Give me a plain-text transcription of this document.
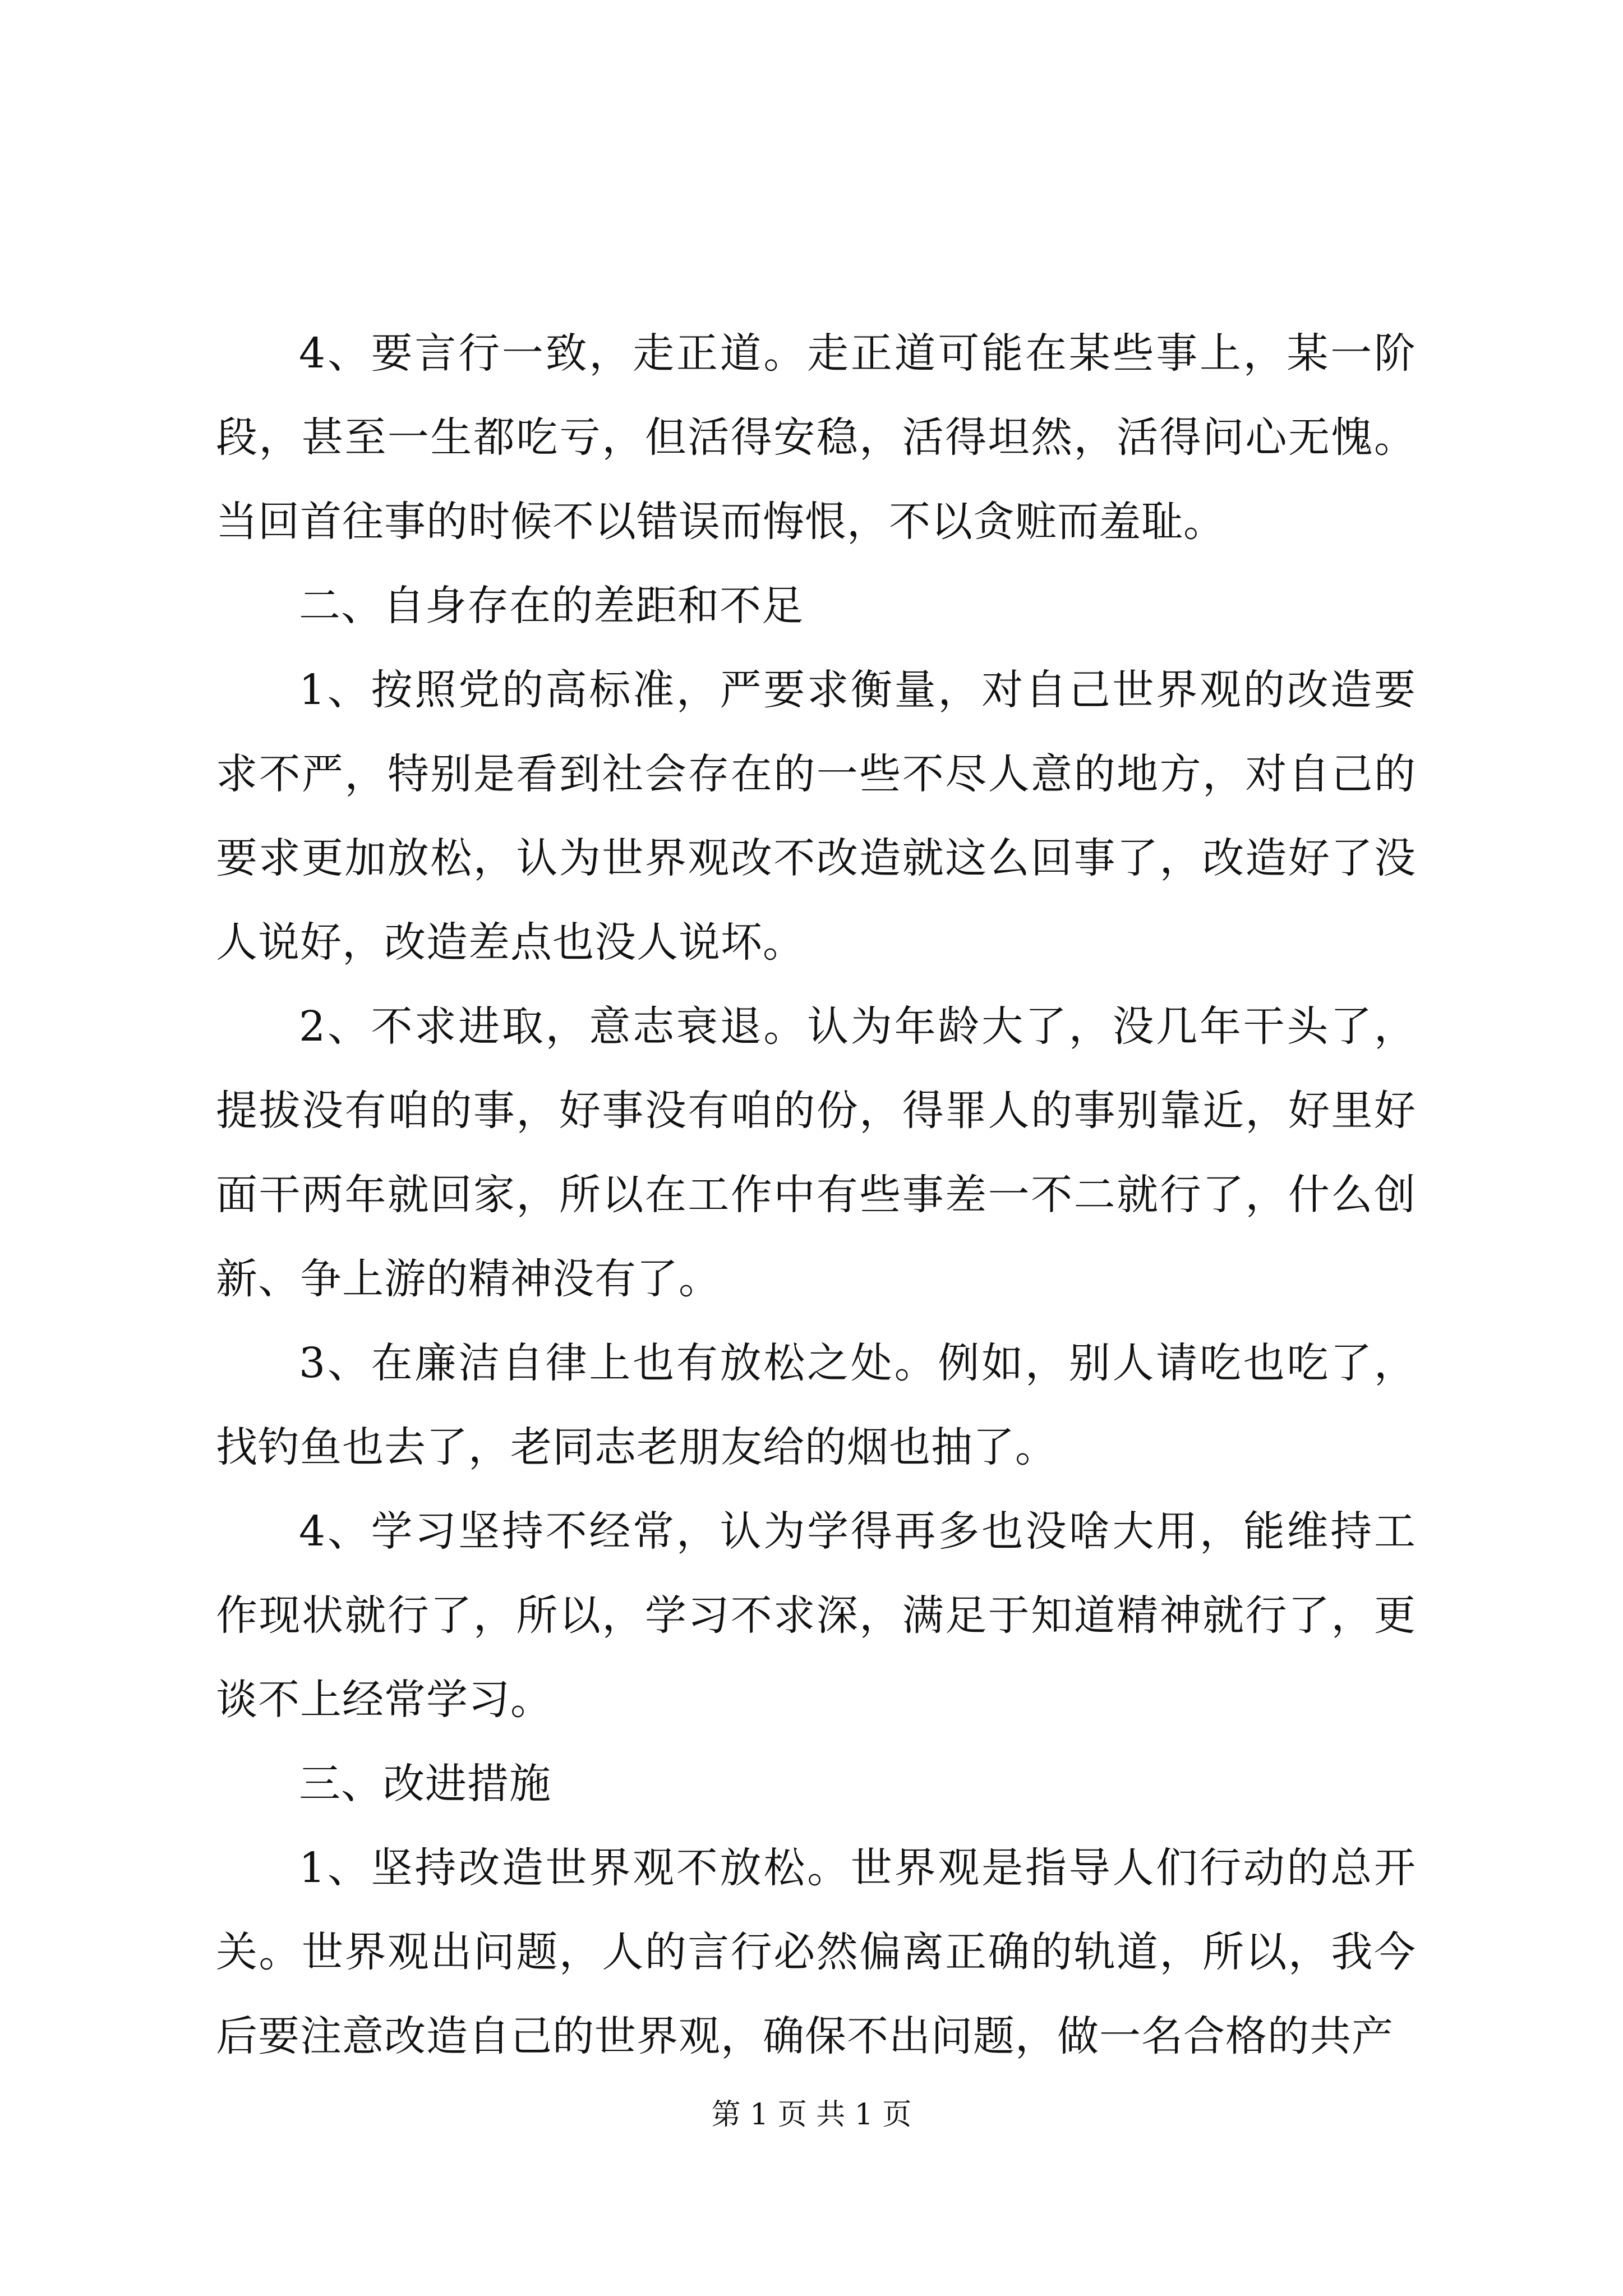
4、要言行一致，走正道。走正道可能在某些事上，某一阶段，甚至一生都吃亏，但活得安稳，活得坦然，活得问心无愧。当回首往事的时候不以错误而悔恨，不以贪赃而羞耻。

二、自身存在的差距和不足

1、按照党的高标准，严要求衡量，对自己世界观的改造要求不严，特别是看到社会存在的一些不尽人意的地方，对自己的要求更加放松，认为世界观改不改造就这么回事了，改造好了没人说好，改造差点也没人说坏。

2、不求进取，意志衰退。认为年龄大了，没几年干头了，提拔没有咱的事，好事没有咱的份，得罪人的事别靠近，好里好面干两年就回家，所以在工作中有些事差一不二就行了，什么创新、争上游的精神没有了。

3、在廉洁自律上也有放松之处。例如，别人请吃也吃了，找钓鱼也去了，老同志老朋友给的烟也抽了。

4、学习坚持不经常，认为学得再多也没啥大用，能维持工作现状就行了，所以，学习不求深，满足于知道精神就行了，更谈不上经常学习。

三、改进措施

1、坚持改造世界观不放松。世界观是指导人们行动的总开关。世界观出问题，人的言行必然偏离正确的轨道，所以，我今后要注意改造自己的世界观，确保不出问题，做一名合格的共产

第 1 页 共 1 页
